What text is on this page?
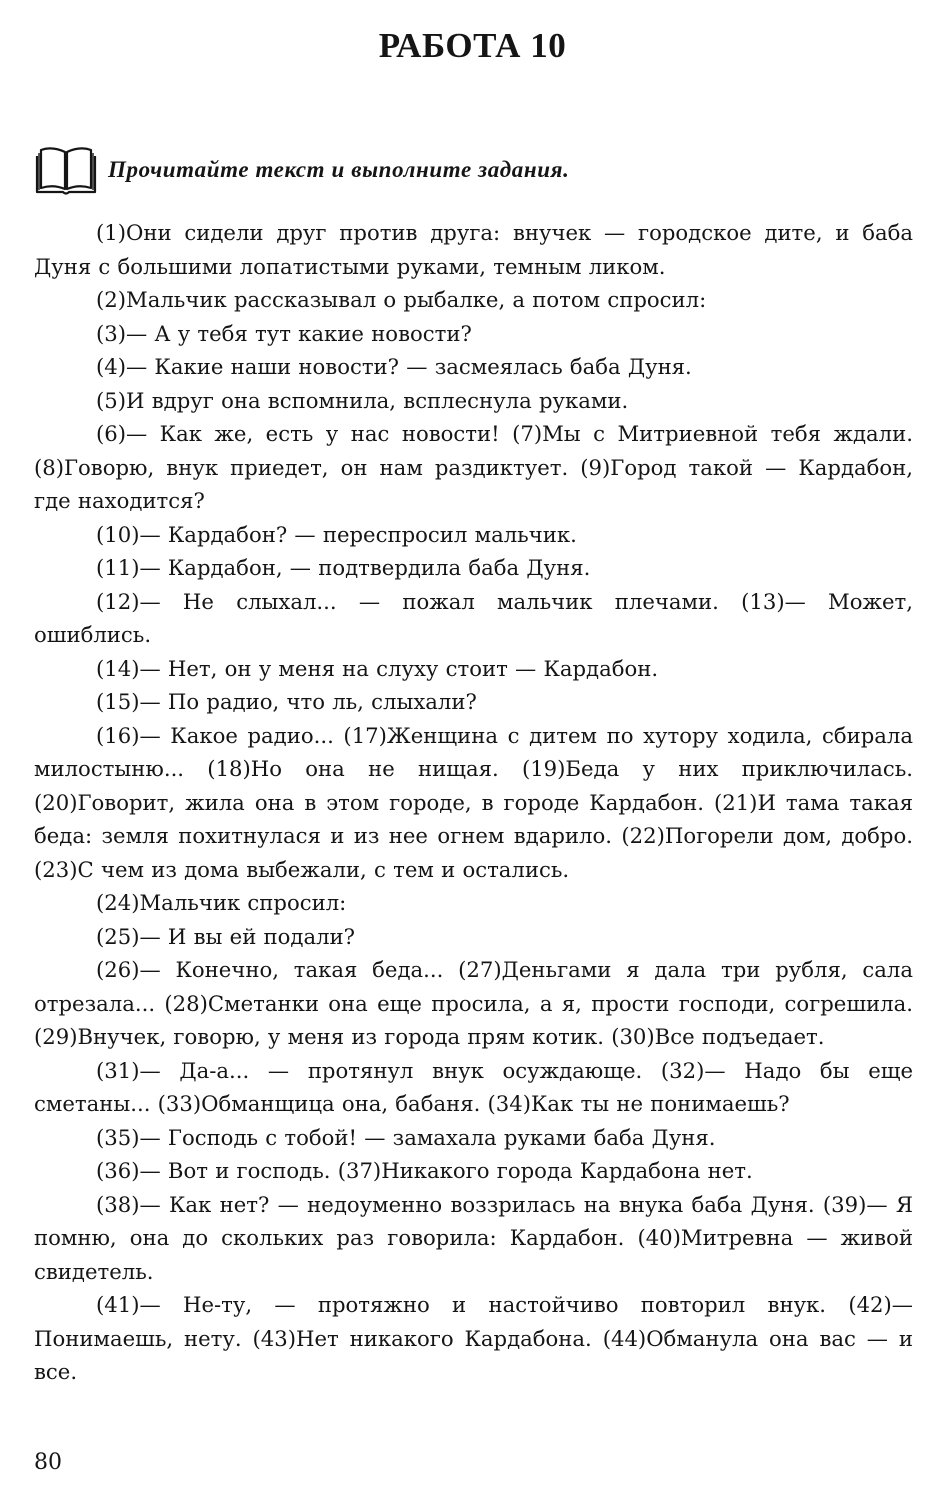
РАБОТА 10
Прочитайте текст и выполните задания.

(1)Они сидели друг против друга: внучек — городское дите, и баба Дуня с большими лопатистыми руками, темным ликом.

(2)Мальчик рассказывал о рыбалке, а потом спросил:

(3)— А у тебя тут какие новости?

(4)— Какие наши новости? — засмеялась баба Дуня.

(5)И вдруг она вспомнила, всплеснула руками.

(6)— Как же, есть у нас новости! (7)Мы с Митриевной тебя ждали. (8)Говорю, внук приедет, он нам раздиктует. (9)Город такой — Кардабон, где находится?

(10)— Кардабон? — переспросил мальчик.

(11)— Кардабон, — подтвердила баба Дуня.

(12)— Не слыхал... — пожал мальчик плечами. (13)— Может, ошиблись.

(14)— Нет, он у меня на слуху стоит — Кардабон.

(15)— По радио, что ль, слыхали?

(16)— Какое радио... (17)Женщина с дитем по хутору ходила, сбирала милостыню... (18)Но она не нищая. (19)Беда у них приключилась. (20)Говорит, жила она в этом городе, в городе Кардабон. (21)И тама такая беда: земля похитнулася и из нее огнем вдарило. (22)Погорели дом, добро. (23)С чем из дома выбежали, с тем и остались.

(24)Мальчик спросил:

(25)— И вы ей подали?

(26)— Конечно, такая беда... (27)Деньгами я дала три рубля, сала отрезала... (28)Сметанки она еще просила, а я, прости господи, согрешила. (29)Внучек, говорю, у меня из города прям котик. (30)Все подъедает.

(31)— Да-а... — протянул внук осуждающе. (32)— Надо бы еще сметаны... (33)Обманщица она, бабаня. (34)Как ты не понимаешь?

(35)— Господь с тобой! — замахала руками баба Дуня.

(36)— Вот и господь. (37)Никакого города Кардабона нет.

(38)— Как нет? — недоуменно воззрилась на внука баба Дуня. (39)— Я помню, она до скольких раз говорила: Кардабон. (40)Митревна — живой свидетель.

(41)— Не-ту, — протяжно и настойчиво повторил внук. (42)— Понимаешь, нету. (43)Нет никакого Кардабона. (44)Обманула она вас — и все.

80
